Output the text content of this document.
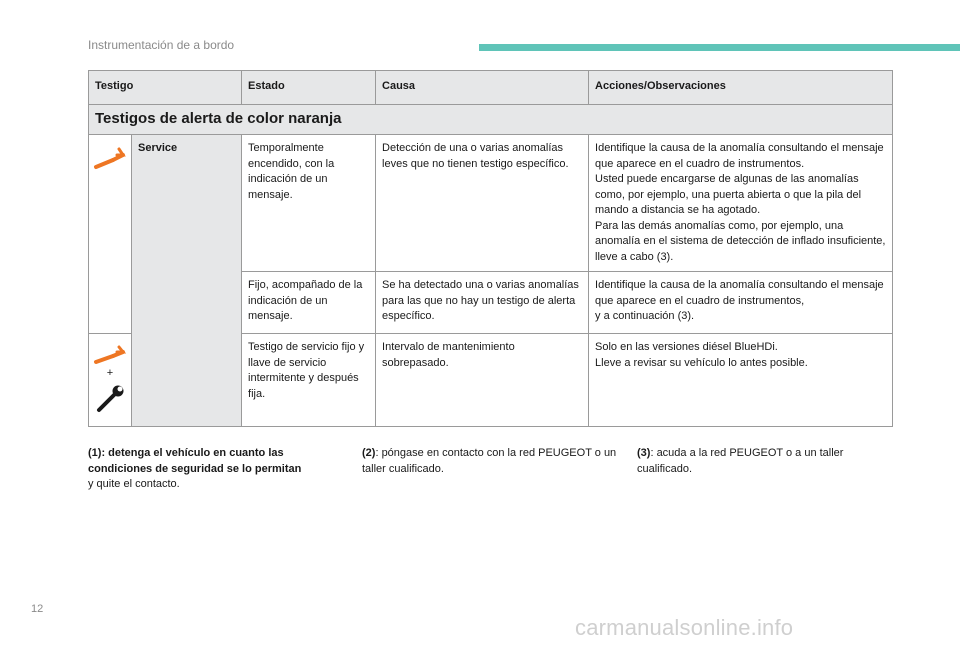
Instrumentación de a bordo
Testigo		Estado	Causa	Acciones/Observaciones
Testigos de alerta de color naranja				

	Service	Temporalmente encendido, con la indicación de un mensaje.	Detección de una o varias anomalías leves que no tienen testigo específico.	Identifique la causa de la anomalía consultando el mensaje que aparece en el cuadro de instrumentos.
Usted puede encargarse de algunas de las anomalías como, por ejemplo, una puerta abierta o que la pila del mando a distancia se ha agotado.
Para las demás anomalías como, por ejemplo, una anomalía en el sistema de detección de inflado insuficiente, lleve a cabo (3).
		Fijo, acompañado de la indicación de un mensaje.	Se ha detectado una o varias anomalías para las que no hay un testigo de alerta específico.	Identifique la causa de la anomalía consultando el mensaje que aparece en el cuadro de instrumentos,
y a continuación (3).

+		Testigo de servicio fijo y llave de servicio intermitente y después fija.	Intervalo de mantenimiento sobrepasado.	Solo en las versiones diésel BlueHDi.
Lleve a revisar su vehículo lo antes posible.
(1): detenga el vehículo en cuanto las condiciones de seguridad se lo permitan
y quite el contacto.
(2): póngase en contacto con la red PEUGEOT o un taller cualificado.
(3): acuda a la red PEUGEOT o a un taller cualificado.
12
carmanualsonline.info
